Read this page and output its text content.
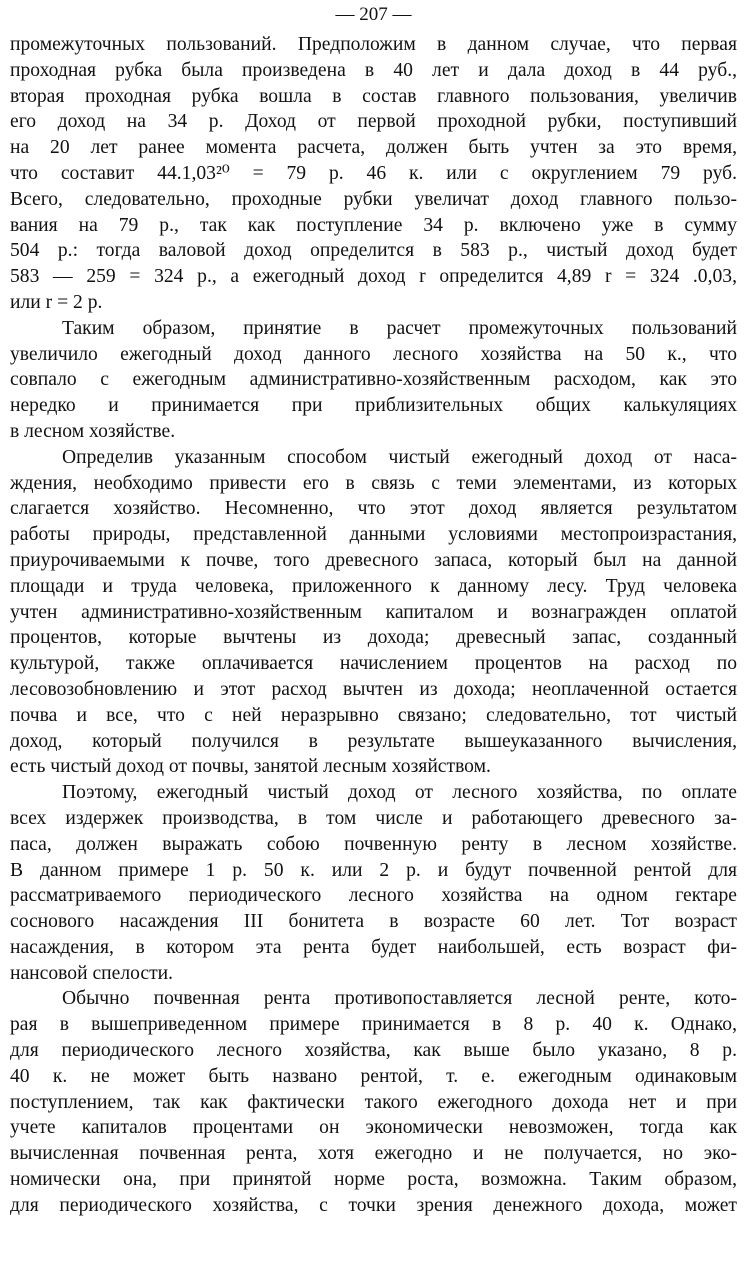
— 207 —
промежуточных пользований. Предположим в данном случае, что первая
проходная рубка была произведена в 40 лет и дала доход в 44 руб.,
вторая проходная рубка вошла в состав главного пользования, увеличив
его доход на 34 р. Доход от первой проходной рубки, поступивший
на 20 лет ранее момента расчета, должен быть учтен за это время,
что составит 44.1,03²⁰ = 79 р. 46 к. или с округлением 79 руб.
Всего, следовательно, проходные рубки увеличат доход главного пользо-
вания на 79 р., так как поступление 34 р. включено уже в сумму
504 р.: тогда валовой доход определится в 583 р., чистый доход будет
583 — 259 = 324 р., а ежегодный доход r определится 4,89 r = 324 .0,03,
или r = 2 р.
Таким образом, принятие в расчет промежуточных пользований
увеличило ежегодный доход данного лесного хозяйства на 50 к., что
совпало с ежегодным административно-хозяйственным расходом, как это
нередко и принимается при приблизительных общих калькуляциях
в лесном хозяйстве.
Определив указанным способом чистый ежегодный доход от наса-
ждения, необходимо привести его в связь с теми элементами, из которых
слагается хозяйство. Несомненно, что этот доход является результатом
работы природы, представленной данными условиями местопроизрастания,
приурочиваемыми к почве, того древесного запаса, который был на данной
площади и труда человека, приложенного к данному лесу. Труд человека
учтен административно-хозяйственным капиталом и вознагражден оплатой
процентов, которые вычтены из дохода; древесный запас, созданный
культурой, также оплачивается начислением процентов на расход по
лесовозобновлению и этот расход вычтен из дохода; неоплаченной остается
почва и все, что с ней неразрывно связано; следовательно, тот чистый
доход, который получился в результате вышеуказанного вычисления,
есть чистый доход от почвы, занятой лесным хозяйством.
Поэтому, ежегодный чистый доход от лесного хозяйства, по оплате
всех издержек производства, в том числе и работающего древесного за-
паса, должен выражать собою почвенную ренту в лесном хозяйстве.
В данном примере 1 р. 50 к. или 2 р. и будут почвенной рентой для
рассматриваемого периодического лесного хозяйства на одном гектаре
соснового насаждения III бонитета в возрасте 60 лет. Тот возраст
насаждения, в котором эта рента будет наибольшей, есть возраст фи-
нансовой спелости.
Обычно почвенная рента противопоставляется лесной ренте, кото-
рая в вышеприведенном примере принимается в 8 р. 40 к. Однако,
для периодического лесного хозяйства, как выше было указано, 8 р.
40 к. не может быть названо рентой, т. е. ежегодным одинаковым
поступлением, так как фактически такого ежегодного дохода нет и при
учете капиталов процентами он экономически невозможен, тогда как
вычисленная почвенная рента, хотя ежегодно и не получается, но эко-
номически она, при принятой норме роста, возможна. Таким образом,
для периодического хозяйства, с точки зрения денежного дохода, может
